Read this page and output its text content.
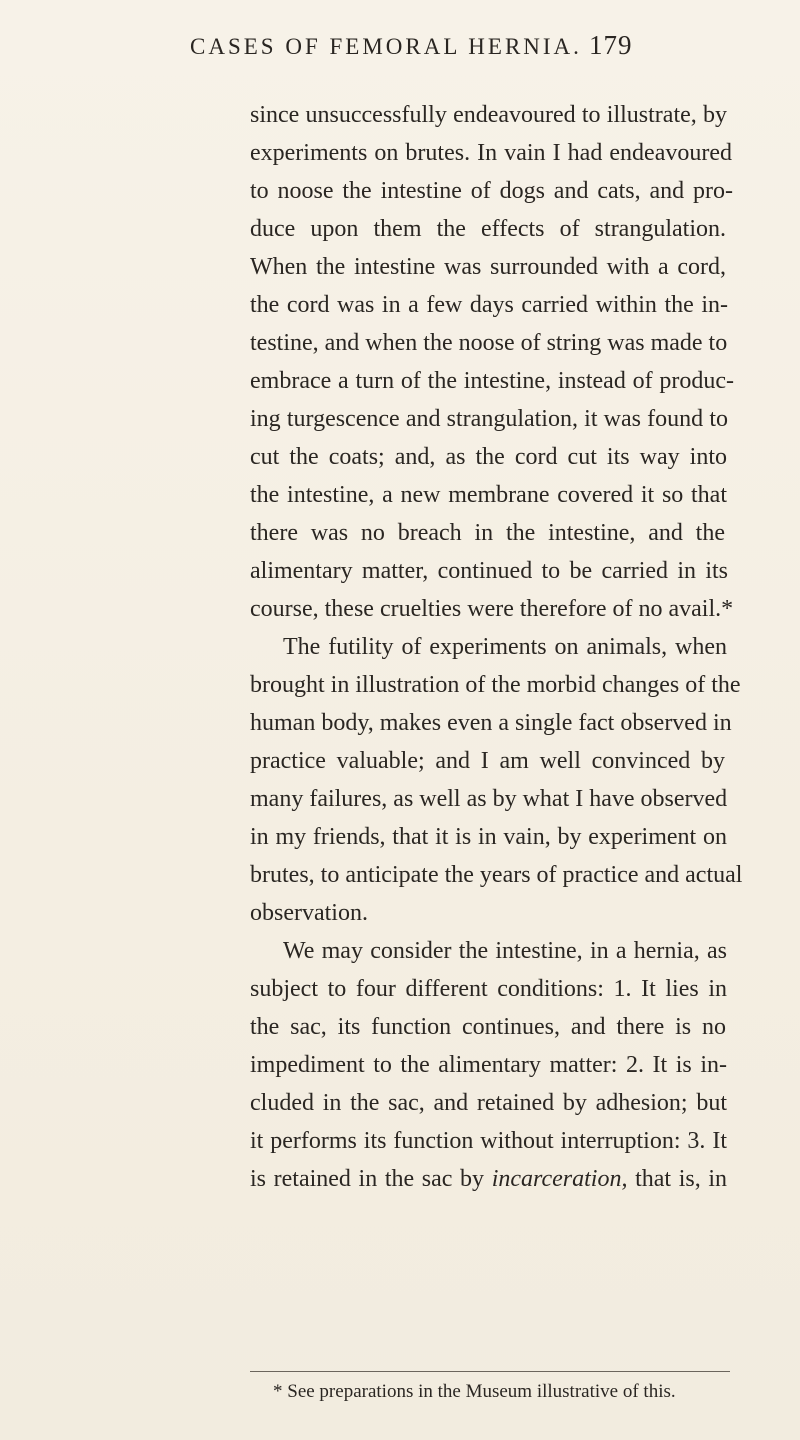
CASES OF FEMORAL HERNIA. 179
since unsuccessfully endeavoured to illustrate, by
experiments on brutes. In vain I had endeavoured
to noose the intestine of dogs and cats, and pro-
duce upon them the effects of strangulation.
When the intestine was surrounded with a cord,
the cord was in a few days carried within the in-
testine, and when the noose of string was made to
embrace a turn of the intestine, instead of produc-
ing turgescence and strangulation, it was found to
cut the coats; and, as the cord cut its way into
the intestine, a new membrane covered it so that
there was no breach in the intestine, and the
alimentary matter, continued to be carried in its
course, these cruelties were therefore of no avail.*
The futility of experiments on animals, when
brought in illustration of the morbid changes of the
human body, makes even a single fact observed in
practice valuable; and I am well convinced by
many failures, as well as by what I have observed
in my friends, that it is in vain, by experiment on
brutes, to anticipate the years of practice and actual
observation.
We may consider the intestine, in a hernia, as
subject to four different conditions: 1. It lies in
the sac, its function continues, and there is no
impediment to the alimentary matter: 2. It is in-
cluded in the sac, and retained by adhesion; but
it performs its function without interruption: 3. It
is retained in the sac by incarceration, that is, in
* See preparations in the Museum illustrative of this.
